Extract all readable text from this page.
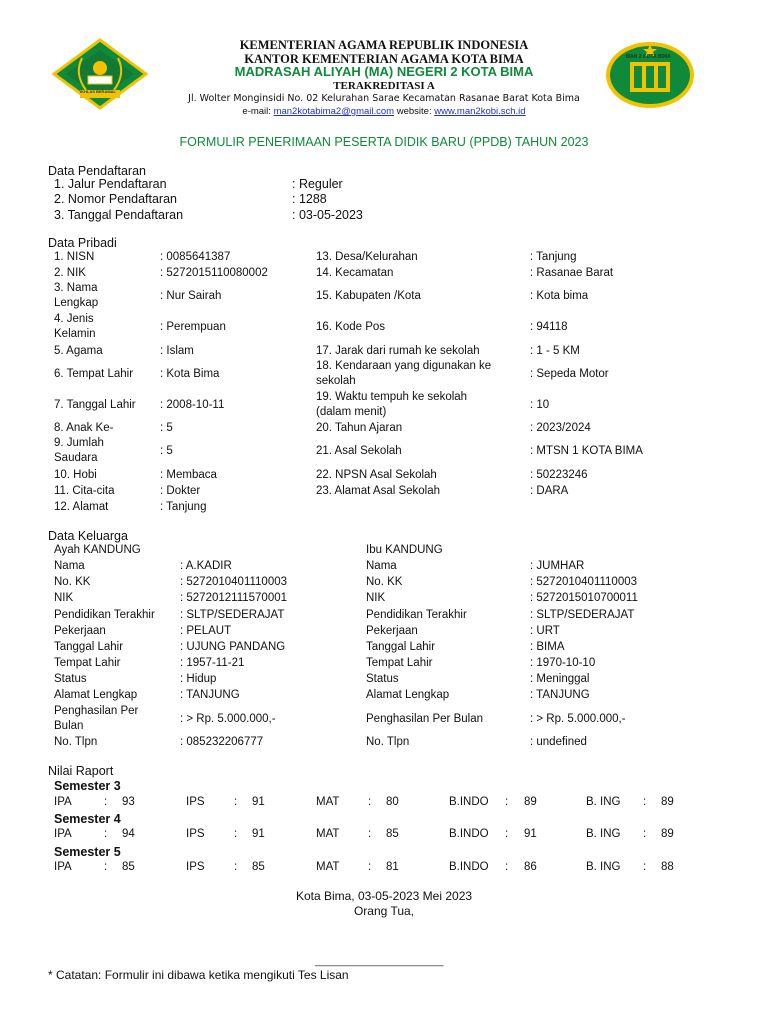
IKHLAS BERAMAL
MAN 2 KOTA BIMA
KEMENTERIAN AGAMA REPUBLIK INDONESIA
KANTOR KEMENTERIAN AGAMA KOTA BIMA
MADRASAH ALIYAH (MA) NEGERI 2 KOTA BIMA
TERAKREDITASI A
Jl. Wolter Monginsidi No. 02 Kelurahan Sarae Kecamatan Rasanae Barat Kota Bima
e-mail: man2kotabima2@gmail.com website: www.man2kobi.sch.id
FORMULIR PENERIMAAN PESERTA DIDIK BARU (PPDB) TAHUN 2023
Data Pendaftaran
1. Jalur Pendaftaran	: Reguler
2. Nomor Pendaftaran	: 1288
3. Tanggal Pendaftaran	: 03-05-2023
Data Pribadi
1. NISN	: 0085641387
2. NIK	: 5272015110080002
3. Nama
Lengkap
: Nur Sairah
4. Jenis
Kelamin
: Perempuan
5. Agama	: Islam
6. Tempat Lahir : Kota Bima
7. Tanggal Lahir : 2008-10-11
8. Anak Ke-	: 5
9. Jumlah
Saudara
: 5
10. Hobi	: Membaca
11. Cita-cita	: Dokter
12. Alamat	: Tanjung
13. Desa/Kelurahan	: Tanjung
14. Kecamatan	: Rasanae Barat
15. Kabupaten /Kota	: Kota bima
16. Kode Pos	: 94118
17. Jarak dari rumah ke sekolah	: 1 - 5 KM
18. Kendaraan yang digunakan ke
sekolah
: Sepeda Motor
19. Waktu tempuh ke sekolah
(dalam menit)
: 10
20. Tahun Ajaran	: 2023/2024
21. Asal Sekolah	: MTSN 1 KOTA BIMA
22. NPSN Asal Sekolah	: 50223246
23. Alamat Asal Sekolah	: DARA
Data Keluarga
Ayah KANDUNG	Ibu KANDUNG
Nama	: A.KADIR
No. KK	: 5272010401110003
NIK	: 5272012111570001
Pendidikan Terakhir : SLTP/SEDERAJAT
Pekerjaan	: PELAUT
Tanggal Lahir	: UJUNG PANDANG
Tempat Lahir	: 1957-11-21
Status	: Hidup
Alamat Lengkap	: TANJUNG
Penghasilan Per
Bulan
: > Rp. 5.000.000,-
No. Tlpn	: 085232206777
Nama	: JUMHAR
No. KK	: 5272010401110003
NIK	: 5272015010700011
Pendidikan Terakhir	: SLTP/SEDERAJAT
Pekerjaan	: URT
Tanggal Lahir	: BIMA
Tempat Lahir	: 1970-10-10
Status	: Meninggal
Alamat Lengkap	: TANJUNG
Penghasilan Per Bulan	: > Rp. 5.000.000,-
No. Tlpn	: undefined
Nilai Raport
Semester 3
IPA	: 93	IPS	: 91	MAT : 80	B.INDO : 89	B. ING : 89
Semester 4
IPA	: 94	IPS	: 91	MAT : 85	B.INDO : 91	B. ING : 89
Semester 5
IPA	: 85	IPS	: 85	MAT : 81	B.INDO : 86	B. ING : 88
Kota Bima, 03-05-2023 Mei 2023
Orang Tua,
_____________________
* Catatan: Formulir ini dibawa ketika mengikuti Tes Lisan
